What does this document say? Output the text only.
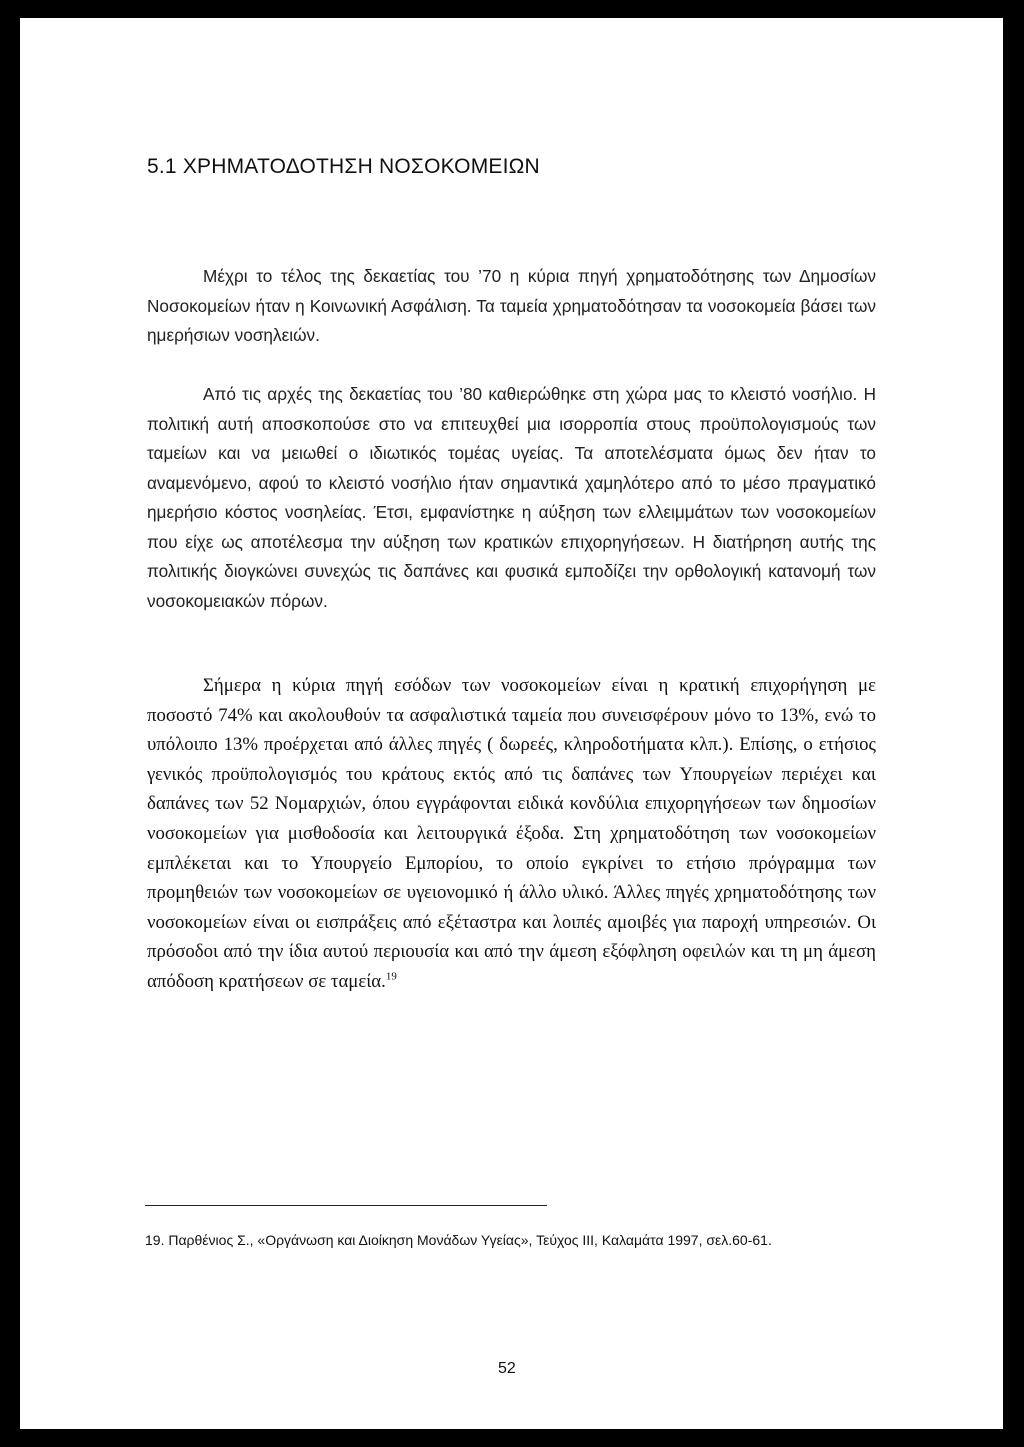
5.1 ΧΡΗΜΑΤΟΔΟΤΗΣΗ ΝΟΣΟΚΟΜΕΙΩΝ

Μέχρι το τέλος της δεκαετίας του ’70 η κύρια πηγή χρηματοδότησης των Δημοσίων Νοσοκομείων ήταν η Κοινωνική Ασφάλιση. Τα ταμεία χρηματοδότησαν τα νοσοκομεία βάσει των ημερήσιων νοσηλειών.

Από τις αρχές της δεκαετίας του ’80 καθιερώθηκε στη χώρα μας το κλειστό νοσήλιο. Η πολιτική αυτή αποσκοπούσε στο να επιτευχθεί μια ισορροπία στους προϋπολογισμούς των ταμείων και να μειωθεί ο ιδιωτικός τομέας υγείας. Τα αποτελέσματα όμως δεν ήταν το αναμενόμενο, αφού το κλειστό νοσήλιο ήταν σημαντικά χαμηλότερο από το μέσο πραγματικό ημερήσιο κόστος νοσηλείας. Έτσι, εμφανίστηκε η αύξηση των ελλειμμάτων των νοσοκομείων που είχε ως αποτέλεσμα την αύξηση των κρατικών επιχορηγήσεων. Η διατήρηση αυτής της πολιτικής διογκώνει συνεχώς τις δαπάνες και φυσικά εμποδίζει την ορθολογική κατανομή των νοσοκομειακών πόρων.

Σήμερα η κύρια πηγή εσόδων των νοσοκομείων είναι η κρατική επιχορήγηση με ποσοστό 74% και ακολουθούν τα ασφαλιστικά ταμεία που συνεισφέρουν μόνο το 13%, ενώ το υπόλοιπο 13% προέρχεται από άλλες πηγές ( δωρεές, κληροδοτήματα κλπ.). Επίσης, ο ετήσιος γενικός προϋπολογισμός του κράτους εκτός από τις δαπάνες των Υπουργείων περιέχει και δαπάνες των 52 Νομαρχιών, όπου εγγράφονται ειδικά κονδύλια επιχορηγήσεων των δημοσίων νοσοκομείων για μισθοδοσία και λειτουργικά έξοδα. Στη χρηματοδότηση των νοσοκομείων εμπλέκεται και το Υπουργείο Εμπορίου, το οποίο εγκρίνει το ετήσιο πρόγραμμα των προμηθειών των νοσοκομείων σε υγειονομικό ή άλλο υλικό. Άλλες πηγές χρηματοδότησης των νοσοκομείων είναι οι εισπράξεις από εξέταστρα και λοιπές αμοιβές για παροχή υπηρεσιών. Οι πρόσοδοι από την ίδια αυτού περιουσία και από την άμεση εξόφληση οφειλών και τη μη άμεση απόδοση κρατήσεων σε ταμεία.$^{19}$

19. Παρθένιος Σ., «Οργάνωση και Διοίκηση Μονάδων Υγείας», Τεύχος ΙΙΙ, Καλαμάτα 1997, σελ.60-61.

52
